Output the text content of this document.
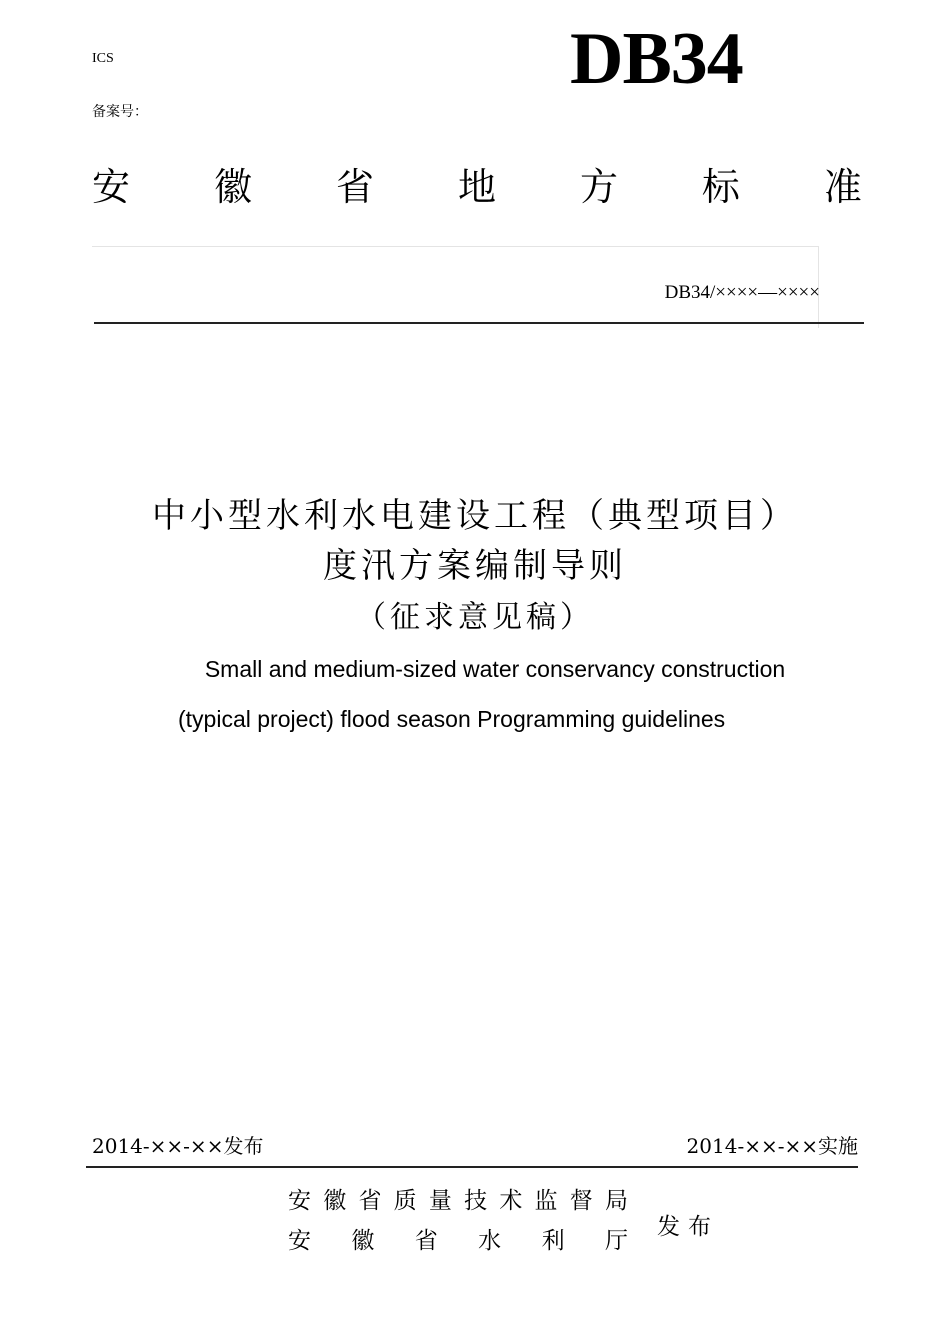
ICS
备案号：
DB34
安 徽 省 地 方 标 准
DB34/××××—××××
中小型水利水电建设工程（典型项目）
度汛方案编制导则
（征求意见稿）
Small and medium-sized water conservancy construction
(typical project) flood season Programming guidelines
2014-××-××发布	2014-××-××实施
安 徽 省 质 量 技 术 监 督 局
安 徽 省 水 利 厅
发布
